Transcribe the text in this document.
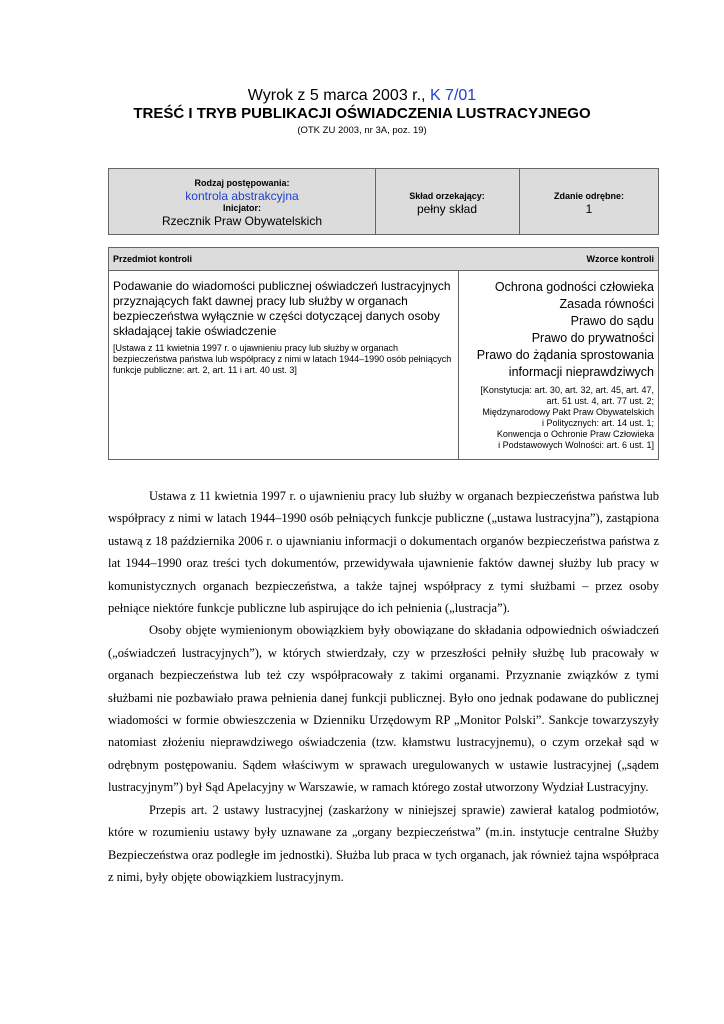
Wyrok z 5 marca 2003 r., K 7/01
TREŚĆ I TRYB PUBLIKACJI OŚWIADCZENIA LUSTRACYJNEGO
(OTK ZU 2003, nr 3A, poz. 19)
Rodzaj postępowania:
kontrola abstrakcyjna
Inicjator:
Rzecznik Praw Obywatelskich
Skład orzekający:
pełny skład
Zdanie odrębne:
1
Przedmiot kontroli	Wzorce kontroli
Podawanie do wiadomości publicznej oświadczeń lustracyjnych przyznających fakt dawnej pracy lub służby w organach bezpieczeństwa wyłącznie w części dotyczącej danych osoby składającej takie oświadczenie
[Ustawa z 11 kwietnia 1997 r. o ujawnieniu pracy lub służby w organach bezpieczeństwa państwa lub współpracy z nimi w latach 1944–1990 osób pełniących funkcje publiczne: art. 2, art. 11 i art. 40 ust. 3]
Ochrona godności człowieka
Zasada równości
Prawo do sądu
Prawo do prywatności
Prawo do żądania sprostowania informacji nieprawdziwych
[Konstytucja: art. 30, art. 32, art. 45, art. 47,
art. 51 ust. 4, art. 77 ust. 2;
Międzynarodowy Pakt Praw Obywatelskich
i Politycznych: art. 14 ust. 1;
Konwencja o Ochronie Praw Człowieka
i Podstawowych Wolności: art. 6 ust. 1]

Ustawa z 11 kwietnia 1997 r. o ujawnieniu pracy lub służby w organach bezpieczeństwa państwa lub współpracy z nimi w latach 1944–1990 osób pełniących funkcje publiczne („ustawa lustracyjna”), zastąpiona ustawą z 18 października 2006 r. o ujawnianiu informacji o dokumentach organów bezpieczeństwa państwa z lat 1944–1990 oraz treści tych dokumentów, przewidywała ujawnienie faktów dawnej służby lub pracy w komunistycznych organach bezpieczeństwa, a także tajnej współpracy z tymi służbami – przez osoby pełniące niektóre funkcje publiczne lub aspirujące do ich pełnienia („lustracja”).

Osoby objęte wymienionym obowiązkiem były obowiązane do składania odpowiednich oświadczeń („oświadczeń lustracyjnych”), w których stwierdzały, czy w przeszłości pełniły służbę lub pracowały w organach bezpieczeństwa lub też czy współpracowały z takimi organami. Przyznanie związków z tymi służbami nie pozbawiało prawa pełnienia danej funkcji publicznej. Było ono jednak podawane do publicznej wiadomości w formie obwieszczenia w Dzienniku Urzędowym RP „Monitor Polski”. Sankcje towarzyszyły natomiast złożeniu nieprawdziwego oświadczenia (tzw. kłamstwu lustracyjnemu), o czym orzekał sąd w odrębnym postępowaniu. Sądem właściwym w sprawach uregulowanych w ustawie lustracyjnej („sądem lustracyjnym”) był Sąd Apelacyjny w Warszawie, w ramach którego został utworzony Wydział Lustracyjny.

Przepis art. 2 ustawy lustracyjnej (zaskarżony w niniejszej sprawie) zawierał katalog podmiotów, które w rozumieniu ustawy były uznawane za „organy bezpieczeństwa” (m.in. instytucje centralne Służby Bezpieczeństwa oraz podległe im jednostki). Służba lub praca w tych organach, jak również tajna współpraca z nimi, były objęte obowiązkiem lustracyjnym.
